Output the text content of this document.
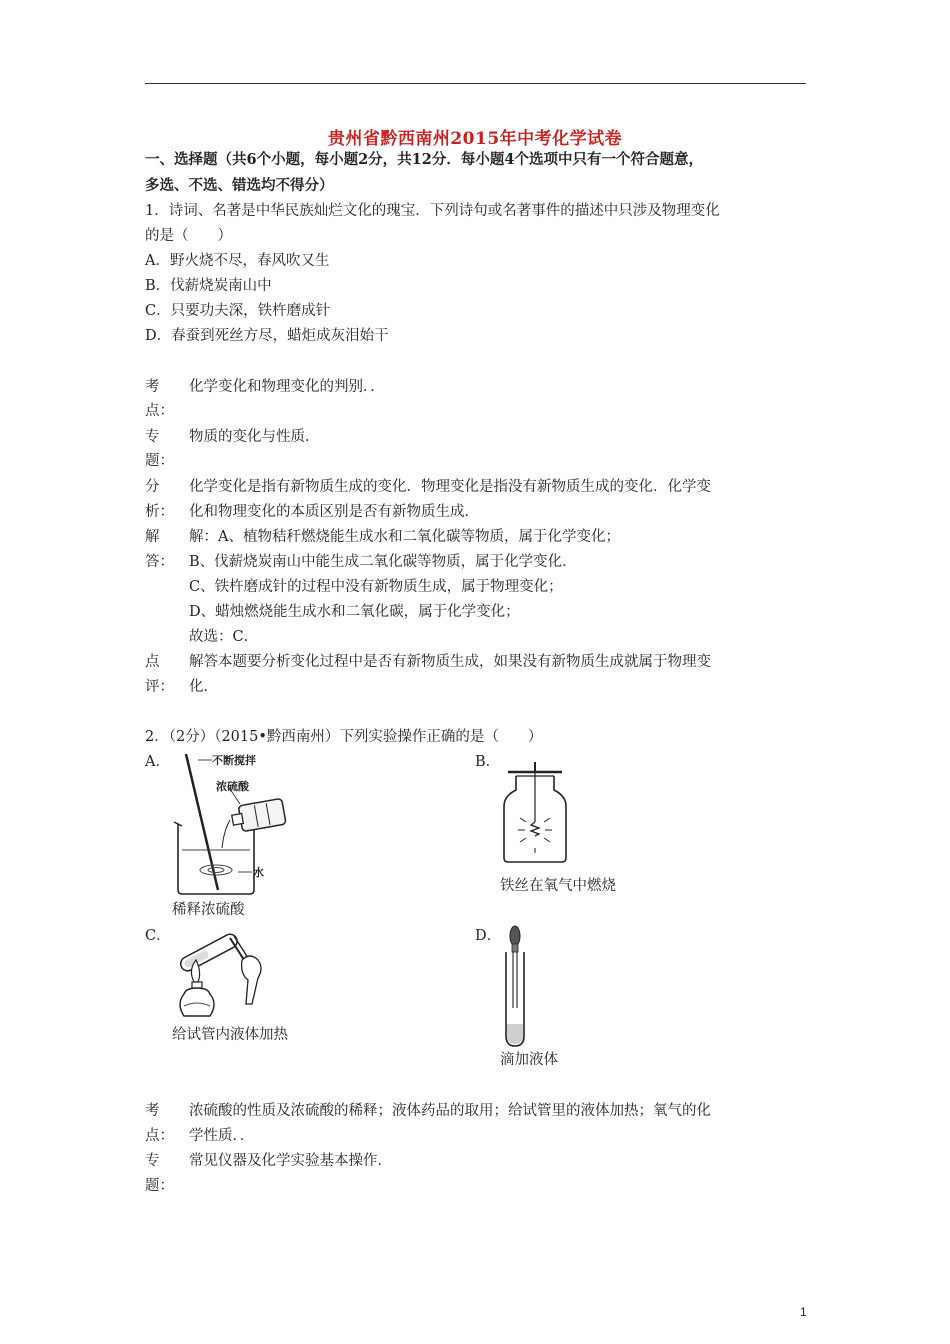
贵州省黔西南州2015年中考化学试卷
一、选择题（共6个小题，每小题2分，共12分．每小题4个选项中只有一个符合题意，
多选、不选、错选均不得分）
1．诗词、名著是中华民族灿烂文化的瑰宝．下列诗句或名著事件的描述中只涉及物理变化
的是（　　）
A．野火烧不尽，春风吹又生
B．伐薪烧炭南山中
C．只要功夫深，铁杵磨成针
D．春蚕到死丝方尽，蜡炬成灰泪始干
考
点：
化学变化和物理变化的判别．．
专
题：
物质的变化与性质．
分
析：
化学变化是指有新物质生成的变化．物理变化是指没有新物质生成的变化．化学变
化和物理变化的本质区别是否有新物质生成．
解
答：
解：A、植物秸秆燃烧能生成水和二氧化碳等物质，属于化学变化；
B、伐薪烧炭南山中能生成二氧化碳等物质，属于化学变化．
C、铁杵磨成针的过程中没有新物质生成，属于物理变化；
D、蜡烛燃烧能生成水和二氧化碳，属于化学变化；
故选：C．
点
评：
解答本题要分析变化过程中是否有新物质生成，如果没有新物质生成就属于物理变
化．
2．（2分）（2015•黔西南州）下列实验操作正确的是（　　）
A．	B．
不断搅拌
浓硫酸
水
稀释浓硫酸
铁丝在氧气中燃烧
C．	D．
给试管内液体加热
滴加液体
考
点：
浓硫酸的性质及浓硫酸的稀释；液体药品的取用；给试管里的液体加热；氧气的化
学性质．．
专
题：
常见仪器及化学实验基本操作．
1
